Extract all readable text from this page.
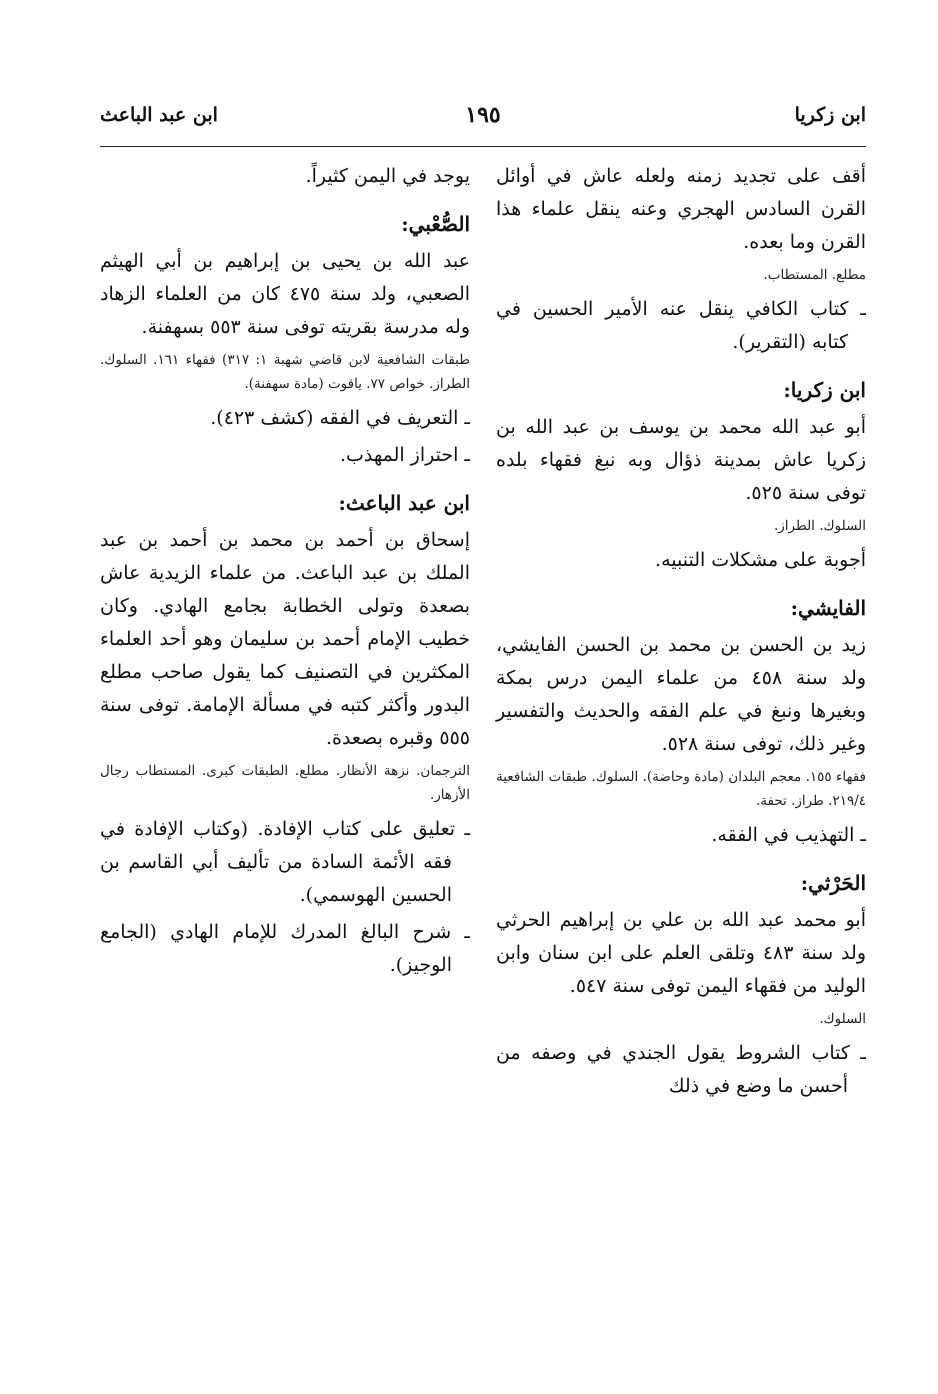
ابن زكريا
١٩٥
ابن عبد الباعث

أقف على تجديد زمنه ولعله عاش في أوائل القرن السادس الهجري وعنه ينقل علماء هذا القرن وما بعده.

مطلع. المستطاب.

ـ كتاب الكافي ينقل عنه الأمير الحسين في كتابه (التقرير).

ابن زكريا:

أبو عبد الله محمد بن يوسف بن عبد الله بن زكريا عاش بمدينة ذؤال وبه نبغ فقهاء بلده توفى سنة ٥٢٥.

السلوك. الطراز.

أجوبة على مشكلات التنبيه.

الفايشي:

زيد بن الحسن بن محمد بن الحسن الفايشي، ولد سنة ٤٥٨ من علماء اليمن درس بمكة وبغيرها ونبغ في علم الفقه والحديث والتفسير وغير ذلك، توفى سنة ٥٢٨.

فقهاء ١٥٥. معجم البلدان (مادة وحاضة). السلوك. طبقات الشافعية ٢١٩/٤. طراز. تحفة.

ـ التهذيب في الفقه.

الحَرْثي:

أبو محمد عبد الله بن علي بن إبراهيم الحرثي ولد سنة ٤٨٣ وتلقى العلم على ابن سنان وابن الوليد من فقهاء اليمن توفى سنة ٥٤٧.

السلوك.

ـ كتاب الشروط يقول الجندي في وصفه من أحسن ما وضع في ذلك

يوجد في اليمن كثيراً.

الصُّعْبي:

عبد الله بن يحيى بن إبراهيم بن أبي الهيثم الصعبي، ولد سنة ٤٧٥ كان من العلماء الزهاد وله مدرسة بقريته توفى سنة ٥٥٣ بسهفنة.

طبقات الشافعية لابن قاضي شهبة ١: ٣١٧) فقهاء ١٦١. السلوك. الطراز. خواص ٧٧. ياقوت (مادة سهفنة).

ـ التعريف في الفقه (كشف ٤٢٣).

ـ احتراز المهذب.

ابن عبد الباعث:

إسحاق بن أحمد بن محمد بن أحمد بن عبد الملك بن عبد الباعث. من علماء الزيدية عاش بصعدة وتولى الخطابة بجامع الهادي. وكان خطيب الإمام أحمد بن سليمان وهو أحد العلماء المكثرين في التصنيف كما يقول صاحب مطلع البدور وأكثر كتبه في مسألة الإمامة. توفى سنة ٥٥٥ وقبره بصعدة.

الترجمان. نزهة الأنظار. مطلع. الطبقات كبرى. المستطاب رجال الأزهار.

ـ تعليق على كتاب الإفادة. (وكتاب الإفادة في فقه الأئمة السادة من تأليف أبي القاسم بن الحسين الهوسمي).

ـ شرح البالغ المدرك للإمام الهادي (الجامع الوجيز).
